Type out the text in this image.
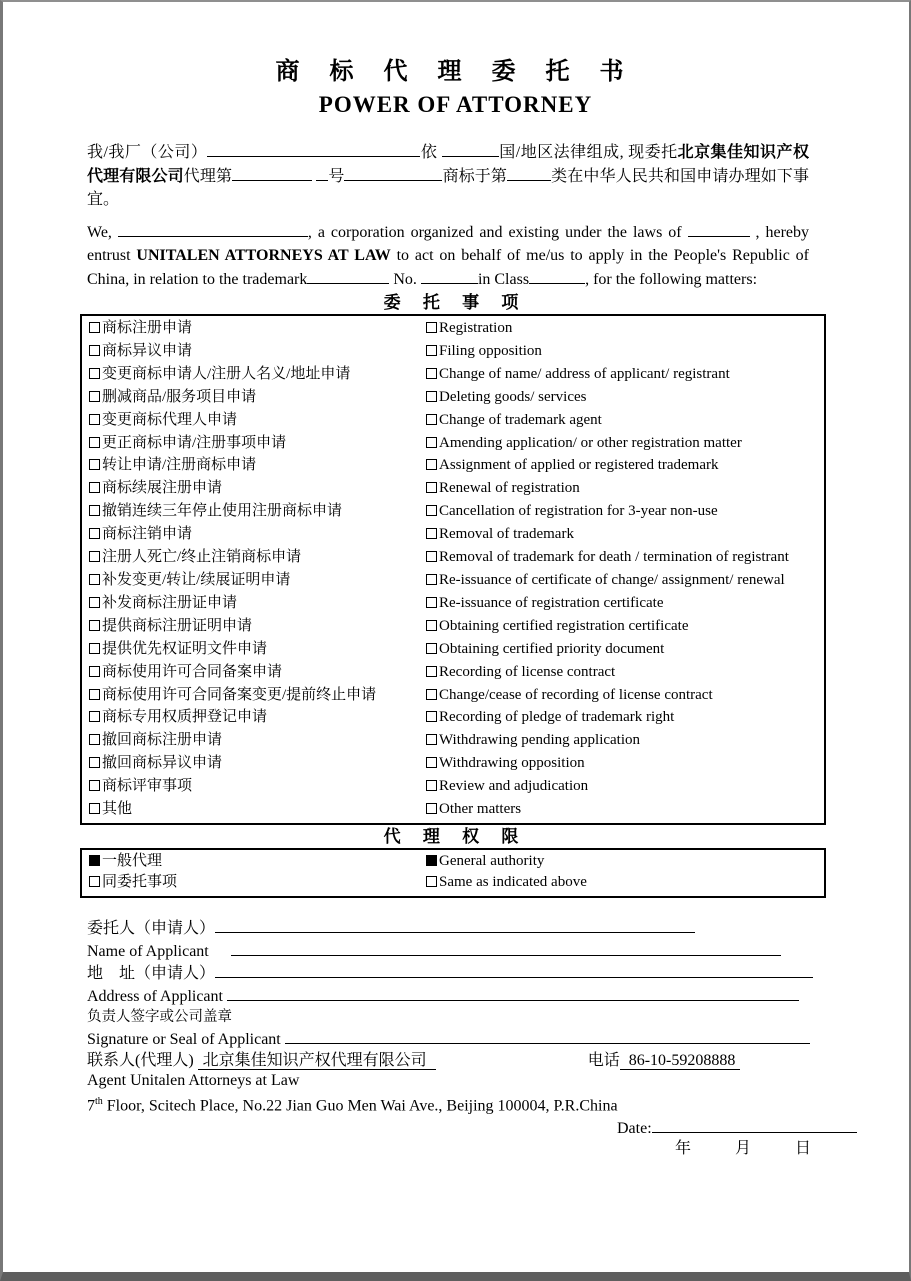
商 标 代 理 委 托 书
POWER OF ATTORNEY

我/我厂（公司）	依	国/地区法律组成, 现委托北京集佳知识产权代理有限公司代理第	号	商标于第	类在中华人民共和国申请办理如下事宜。

We,	, a corporation organized and existing under the laws of	, hereby entrust UNITALEN ATTORNEYS AT LAW to act on behalf of me/us to apply in the People's Republic of China, in relation to the trademark	No.	in Class	, for the following matters:

委 托 事 项
商标注册申请	Registration
商标异议申请	Filing opposition
变更商标申请人/注册人名义/地址申请	Change of name/ address of applicant/ registrant
删减商品/服务项目申请	Deleting goods/ services
变更商标代理人申请	Change of trademark agent
更正商标申请/注册事项申请	Amending application/ or other registration matter
转让申请/注册商标申请	Assignment of applied or registered trademark
商标续展注册申请	Renewal of registration
撤销连续三年停止使用注册商标申请	Cancellation of registration for 3-year non-use
商标注销申请	Removal of trademark
注册人死亡/终止注销商标申请	Removal of trademark for death / termination of registrant
补发变更/转让/续展证明申请	Re-issuance of certificate of change/ assignment/ renewal
补发商标注册证申请	Re-issuance of registration certificate
提供商标注册证明申请	Obtaining certified registration certificate
提供优先权证明文件申请	Obtaining certified priority document
商标使用许可合同备案申请	Recording of license contract
商标使用许可合同备案变更/提前终止申请	Change/cease of recording of license contract
商标专用权质押登记申请	Recording of pledge of trademark right
撤回商标注册申请	Withdrawing pending application
撤回商标异议申请	Withdrawing opposition
商标评审事项	Review and adjudication
其他	Other matters
代 理 权 限
一般代理	General authority
同委托事项	Same as indicated above
委托人（申请人）
Name of Applicant
地　址（申请人）
Address of Applicant
负责人签字或公司盖章
Signature or Seal of Applicant
联系人(代理人) 北京集佳知识产权代理有限公司	电话 86-10-59208888
Agent Unitalen Attorneys at Law
7th Floor, Scitech Place, No.22 Jian Guo Men Wai Ave., Beijing 100004, P.R.China
Date:
年	月	日
